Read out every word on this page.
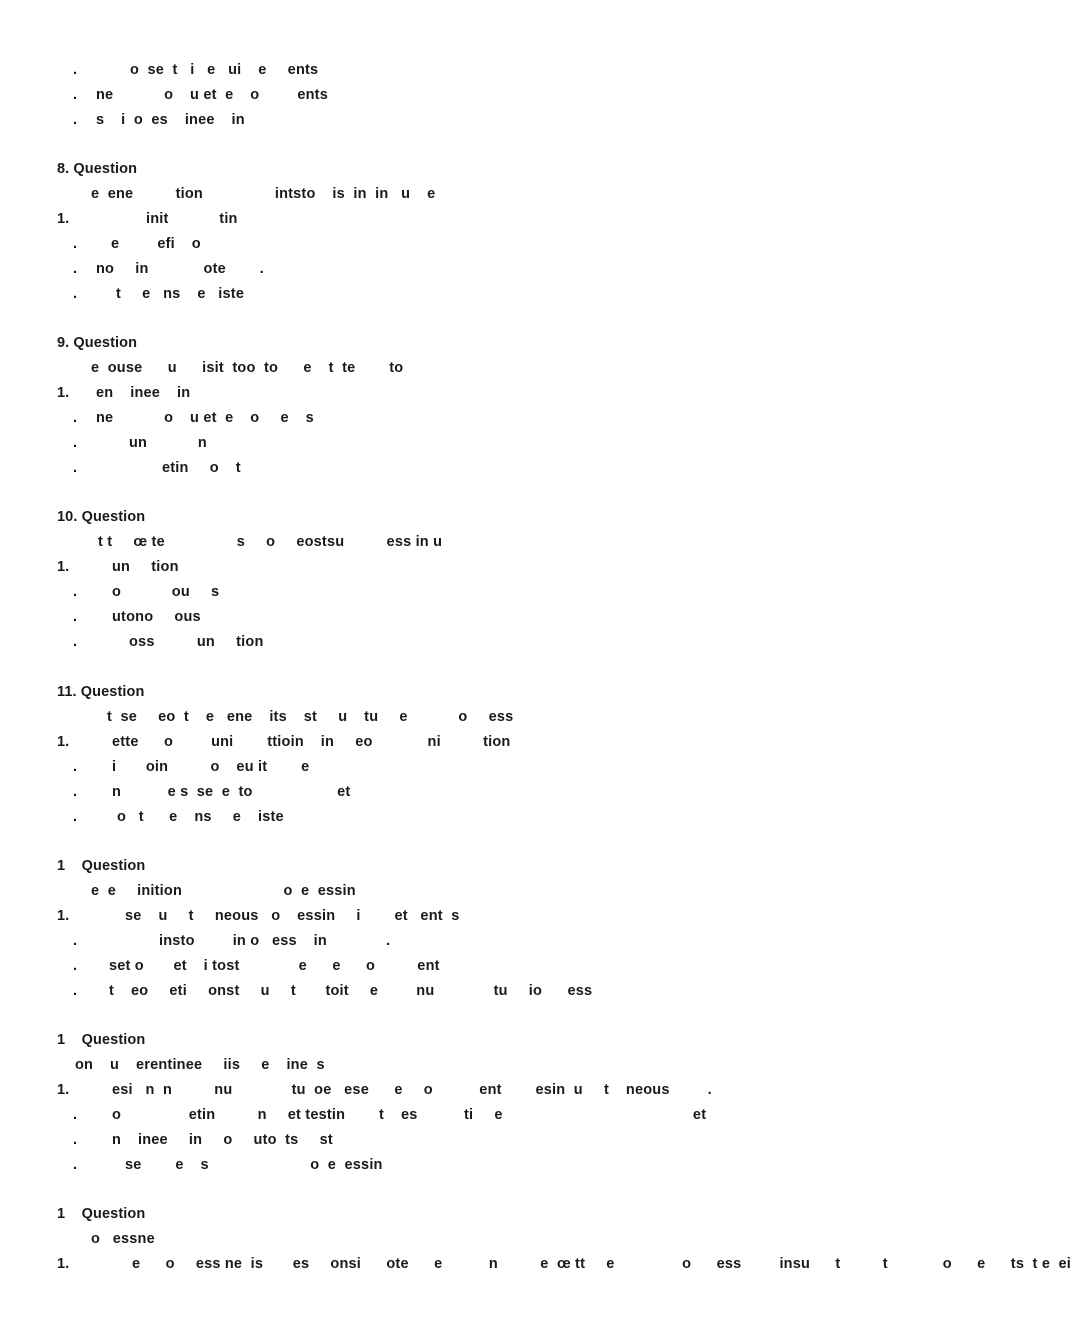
.	o  se  t   i   e   ui    e     ents
. ne            o    u et  e    o         ents
. s    i  o  es    inee    in
8. Question
e  ene          tion                 intsto    is  in  in   u    e
1.	init            tin
. e         efi    o
. no     in             ote        .
.	t     e   ns    e   iste
9. Question
e  ouse      u      isit  too  to      e    t  te        to
1. en    inee    in
. ne            o    u et  e    o     e    s
.	un            n
.	etin     o    t
10. Question
t t     œ te                 s     o     eostsu          ess in u
1.	un     tion
. o            ou     s
. utono     ous
.	oss          un     tion
11. Question
t  se     eo  t    e   ene    its    st     u    tu     e            o     ess
1.	ette      o         uni        ttioin    in     eo             ni          tion
. i       oin          o    eu it        e
. n           e s  se  e  to                    et
.	o   t      e    ns     e    iste
1    Question
e  e     inition                        o  e  essin
1.	se    u     t     neous   o    essin     i        et   ent  s
.	insto         in o   ess    in              .
. set o       et    i tost              e      e      o          ent
. t    eo     eti     onst     u     t       toit     e         nu              tu     io      ess
1    Question
on    u    erentinee     iis     e    ine  s
1.	esi   n  n          nu              tu  oe   ese      e     o           ent        esin  u     t    neous         .
. o                etin          n     et testin        t    es           ti     e                                             et
. n    inee     in     o     uto  ts     st
.	se        e    s                        o  e  essin
1    Question
o   essne
1.	e      o     ess ne  is       es     onsi      ote      e           n          e  œ tt     e                o      ess         insu      t          t             o      e      ts  t e  ei
